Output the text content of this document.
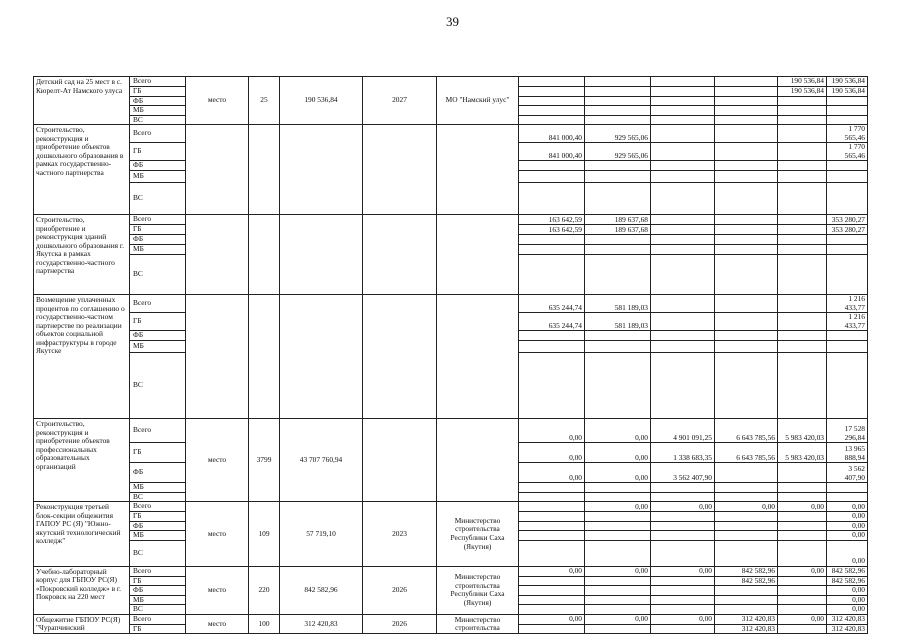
39
Детский сад на 25 мест в с. Кюрелт-Ат Намского улуса	Всего	место	25	190 536,84	2027	МО "Намский улус"					190 536,84	190 536,84
	ГБ										190 536,84	190 536,84
	ФБ											
	МБ											
	ВС											
Строительство, реконструкция и приобретение объектов дошкольного образования в рамках государственно-частного партнерства	Всего						841 000,40	929 565,06				1 770 565,46
	ГБ						841 000,40	929 565,06				1 770 565,46
	ФБ											
	МБ											
	ВС											
Строительство, приобретение и реконструкция зданий дошкольного образования г. Якутска в рамках государственно-частного партнерства	Всего						163 642,59	189 637,68				353 280,27
	ГБ						163 642,59	189 637,68				353 280,27
	ФБ											
	МБ											
	ВС											
Возмещение уплаченных процентов по соглашению о государственно-частном партнерстве по реализации объектов социальной инфраструктуры в городе Якутске	Всего						635 244,74	581 189,03				1 216 433,77
	ГБ						635 244,74	581 189,03				1 216 433,77
	ФБ											
	МБ											
	ВС											
Строительство, реконструкция и приобретение объектов профессиональных образовательных организаций	Всего	место	3799	43 707 760,94			0,00	0,00	4 901 091,25	6 643 785,56	5 983 420,03	17 528 296,84
	ГБ						0,00	0,00	1 338 683,35	6 643 785,56	5 983 420,03	13 965 888,94
	ФБ						0,00	0,00	3 562 407,90			3 562 407,90
	МБ											
	ВС											
Реконструкция третьей блок-секции общежития ГАПОУ РС (Я) "Южно-якутский технологический колледж"	Всего	место	109	57 719,10	2023	Министерство строительства Республики Саха (Якутия)		0,00	0,00	0,00	0,00	0,00
	ГБ											0,00
	ФБ											0,00
	МБ											0,00
	ВС											0,00
Учебно-лабораторный корпус для ГБПОУ РС(Я) «Покровский колледж» в г. Покровск на 220 мест	Всего	место	220	842 582,96	2026	Министерство строительства Республики Саха (Якутия)	0,00	0,00	0,00	842 582,96	0,00	842 582,96
	ГБ									842 582,96		842 582,96
	ФБ											0,00
	МБ											0,00
	ВС											0,00
Общежитие ГБПОУ РС(Я) "Чурапчинский	Всего	место	100	312 420,83	2026	Министерство строительства	0,00	0,00	0,00	312 420,83	0,00	312 420,83
	ГБ									312 420,83		312 420,83
